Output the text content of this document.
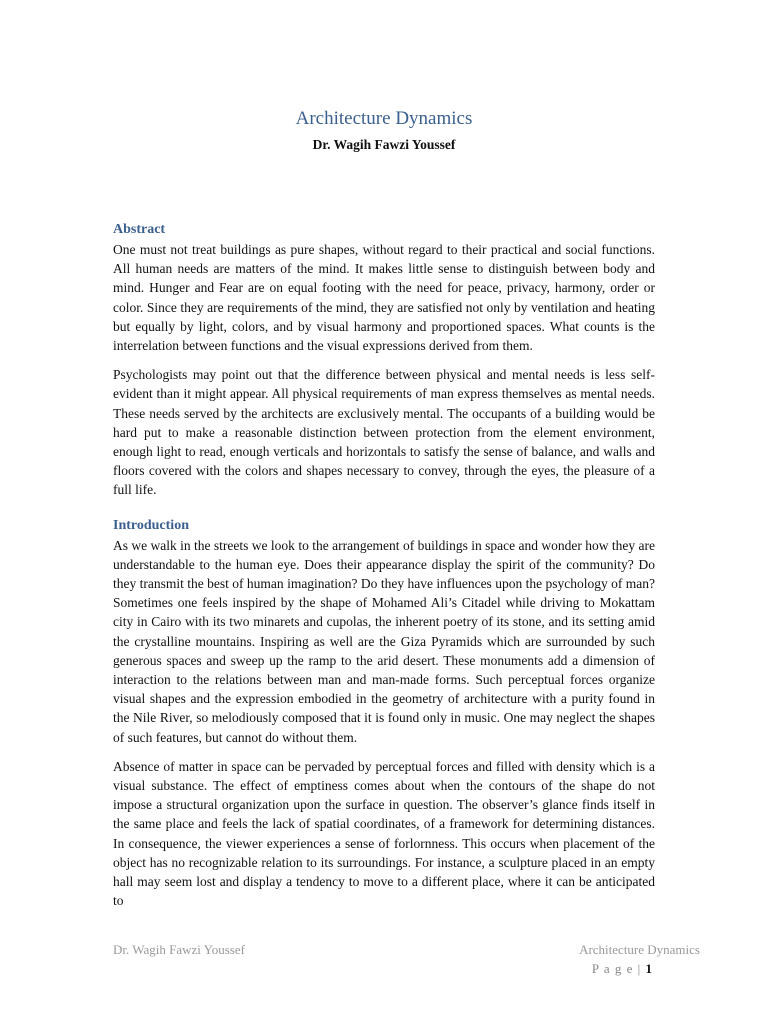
Architecture Dynamics
Dr. Wagih Fawzi Youssef
Abstract

One must not treat buildings as pure shapes, without regard to their practical and social functions. All human needs are matters of the mind. It makes little sense to distinguish between body and mind. Hunger and Fear are on equal footing with the need for peace, privacy, harmony, order or color. Since they are requirements of the mind, they are satisfied not only by ventilation and heating but equally by light, colors, and by visual harmony and proportioned spaces. What counts is the interrelation between functions and the visual expressions derived from them.

Psychologists may point out that the difference between physical and mental needs is less self-evident than it might appear. All physical requirements of man express themselves as mental needs. These needs served by the architects are exclusively mental. The occupants of a building would be hard put to make a reasonable distinction between protection from the element environment, enough light to read, enough verticals and horizontals to satisfy the sense of balance, and walls and floors covered with the colors and shapes necessary to convey, through the eyes, the pleasure of a full life.

Introduction

As we walk in the streets we look to the arrangement of buildings in space and wonder how they are understandable to the human eye. Does their appearance display the spirit of the community? Do they transmit the best of human imagination? Do they have influences upon the psychology of man? Sometimes one feels inspired by the shape of Mohamed Ali’s Citadel while driving to Mokattam city in Cairo with its two minarets and cupolas, the inherent poetry of its stone, and its setting amid the crystalline mountains. Inspiring as well are the Giza Pyramids which are surrounded by such generous spaces and sweep up the ramp to the arid desert. These monuments add a dimension of interaction to the relations between man and man-made forms. Such perceptual forces organize visual shapes and the expression embodied in the geometry of architecture with a purity found in the Nile River, so melodiously composed that it is found only in music. One may neglect the shapes of such features, but cannot do without them.

Absence of matter in space can be pervaded by perceptual forces and filled with density which is a visual substance. The effect of emptiness comes about when the contours of the shape do not impose a structural organization upon the surface in question. The observer’s glance finds itself in the same place and feels the lack of spatial coordinates, of a framework for determining distances. In consequence, the viewer experiences a sense of forlornness. This occurs when placement of the object has no recognizable relation to its surroundings. For instance, a sculpture placed in an empty hall may seem lost and display a tendency to move to a different place, where it can be anticipated to

Dr. Wagih Fawzi Youssef	Architecture Dynamics
P a g e | 1
